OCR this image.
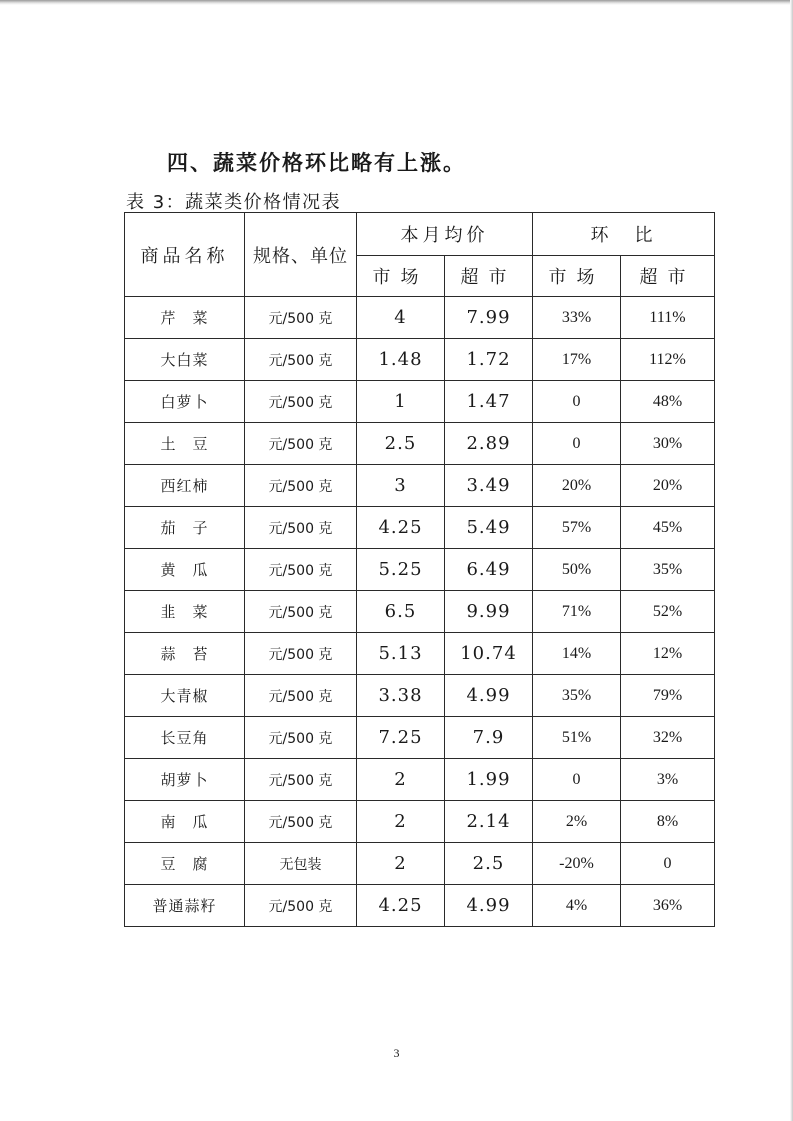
四、蔬菜价格环比略有上涨。
表 3：蔬菜类价格情况表
商品名称	规格、单位	本月均价		环　比	
		市场	超市	市场	超市
芹　菜	元/500 克	4	7.99	33%	111%
大白菜	元/500 克	1.48	1.72	17%	112%
白萝卜	元/500 克	1	1.47	0	48%
土　豆	元/500 克	2.5	2.89	0	30%
西红柿	元/500 克	3	3.49	20%	20%
茄　子	元/500 克	4.25	5.49	57%	45%
黄　瓜	元/500 克	5.25	6.49	50%	35%
韭　菜	元/500 克	6.5	9.99	71%	52%
蒜　苔	元/500 克	5.13	10.74	14%	12%
大青椒	元/500 克	3.38	4.99	35%	79%
长豆角	元/500 克	7.25	7.9	51%	32%
胡萝卜	元/500 克	2	1.99	0	3%
南　瓜	元/500 克	2	2.14	2%	8%
豆　腐	无包装	2	2.5	-20%	0
普通蒜籽	元/500 克	4.25	4.99	4%	36%
3
